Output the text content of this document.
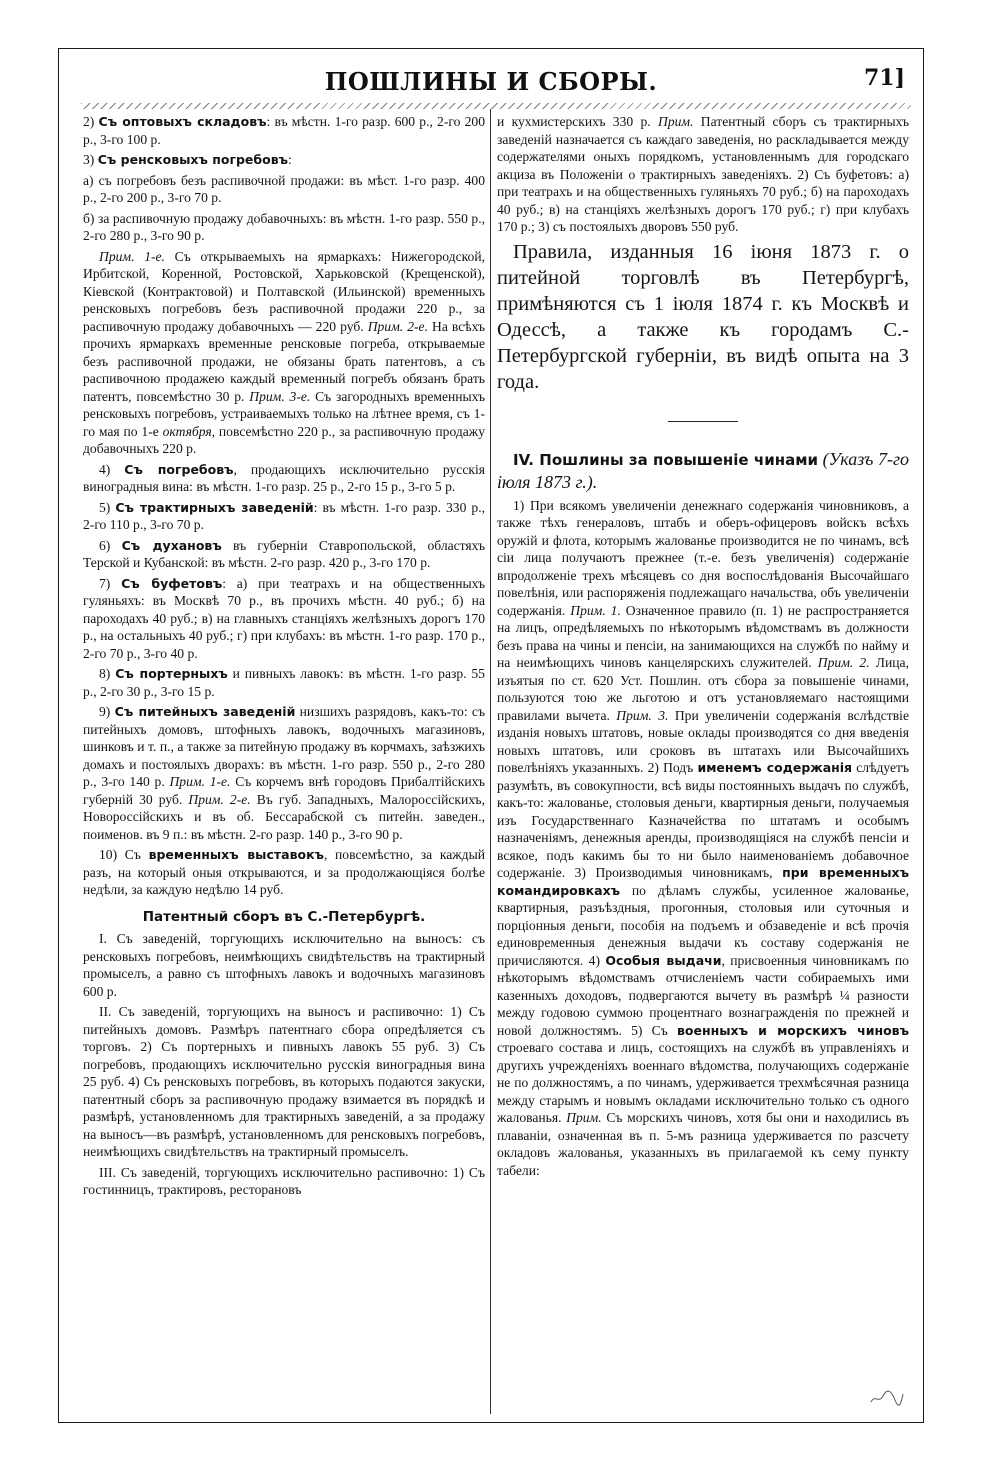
ПОШЛИНЫ И СБОРЫ.	71]

2) Съ оптовыхъ складовъ: въ мѣстн. 1-го разр. 600 р., 2-го 200 р., 3-го 100 р.

3) Съ ренсковыхъ погребовъ:

а) съ погребовъ безъ распивочной продажи: въ мѣст. 1-го разр. 400 р., 2-го 200 р., 3-го 70 р.

б) за распивочную продажу добавочныхъ: въ мѣстн. 1-го разр. 550 р., 2-го 280 р., 3-го 90 р.

Прим. 1-е. Съ открываемыхъ на ярмаркахъ: Нижегородской, Ирбитской, Коренной, Ростовской, Харьковской (Крещенской), Кіевской (Контрактовой) и Полтавской (Ильинской) временныхъ ренсковыхъ погребовъ безъ распивочной продажи 220 р., за распивочную продажу добавочныхъ — 220 руб. Прим. 2-е. На всѣхъ прочихъ ярмаркахъ временные ренсковые погреба, открываемые безъ распивочной продажи, не обязаны брать патентовъ, а съ распивочною продажею каждый временный погребъ обязанъ брать патентъ, повсемѣстно 30 р. Прим. 3-е. Съ загородныхъ временныхъ ренсковыхъ погребовъ, устраиваемыхъ только на лѣтнее время, съ 1-го мая по 1-е октября, повсемѣстно 220 р., за распивочную продажу добавочныхъ 220 р.

4) Съ погребовъ, продающихъ исключительно русскія виноградныя вина: въ мѣстн. 1-го разр. 25 р., 2-го 15 р., 3-го 5 р.

5) Съ трактирныхъ заведеній: въ мѣстн. 1-го разр. 330 р., 2-го 110 р., 3-го 70 р.

6) Съ духановъ въ губерніи Ставропольской, областяхъ Терской и Кубанской: въ мѣстн. 2-го разр. 420 р., 3-го 170 р.

7) Съ буфетовъ: а) при театрахъ и на общественныхъ гуляньяхъ: въ Москвѣ 70 р., въ прочихъ мѣстн. 40 руб.; б) на пароходахъ 40 руб.; в) на главныхъ станціяхъ желѣзныхъ дорогъ 170 р., на остальныхъ 40 руб.; г) при клубахъ: въ мѣстн. 1-го разр. 170 р., 2-го 70 р., 3-го 40 р.

8) Съ портерныхъ и пивныхъ лавокъ: въ мѣстн. 1-го разр. 55 р., 2-го 30 р., 3-го 15 р.

9) Съ питейныхъ заведеній низшихъ разрядовъ, какъ-то: съ питейныхъ домовъ, штофныхъ лавокъ, водочныхъ магазиновъ, шинковъ и т. п., а также за питейную продажу въ корчмахъ, заѣзжихъ домахъ и постоялыхъ дворахъ: въ мѣстн. 1-го разр. 550 р., 2-го 280 р., 3-го 140 р. Прим. 1-е. Съ корчемъ внѣ городовъ Прибалтійскихъ губерній 30 руб. Прим. 2-е. Въ губ. Западныхъ, Малороссійскихъ, Новороссійскихъ и въ об. Бессарабской съ питейн. заведен., поименов. въ 9 п.: въ мѣстн. 2-го разр. 140 р., 3-го 90 р.

10) Съ временныхъ выставокъ, повсемѣстно, за каждый разъ, на который оныя открываются, и за продолжающіяся болѣе недѣли, за каждую недѣлю 14 руб.

Патентный сборъ въ С.-Петербургѣ.

I. Съ заведеній, торгующихъ исключительно на выносъ: съ ренсковыхъ погребовъ, неимѣющихъ свидѣтельствъ на трактирный промыселъ, а равно съ штофныхъ лавокъ и водочныхъ магазиновъ 600 р.

II. Съ заведеній, торгующихъ на выносъ и распивочно: 1) Съ питейныхъ домовъ. Размѣръ патентнаго сбора опредѣляется съ торговъ. 2) Съ портерныхъ и пивныхъ лавокъ 55 руб. 3) Съ погребовъ, продающихъ исключительно русскія виноградныя вина 25 руб. 4) Съ ренсковыхъ погребовъ, въ которыхъ подаются закуски, патентный сборъ за распивочную продажу взимается въ порядкѣ и размѣрѣ, установленномъ для трактирныхъ заведеній, а за продажу на выносъ—въ размѣрѣ, установленномъ для ренсковыхъ погребовъ, неимѣющихъ свидѣтельствъ на трактирный промыселъ.

III. Съ заведеній, торгующихъ исключительно распивочно: 1) Съ гостинницъ, трактировъ, ресторановъ

и кухмистерскихъ 330 р. Прим. Патентный сборъ съ трактирныхъ заведеній назначается съ каждаго заведенія, но раскладывается между содержателями оныхъ порядкомъ, установленнымъ для городскаго акциза въ Положеніи о трактирныхъ заведеніяхъ. 2) Съ буфетовъ: а) при театрахъ и на общественныхъ гуляньяхъ 70 руб.; б) на пароходахъ 40 руб.; в) на станціяхъ желѣзныхъ дорогъ 170 руб.; г) при клубахъ 170 р.; 3) съ постоялыхъ дворовъ 550 руб.

Правила, изданныя 16 іюня 1873 г. о питейной торговлѣ въ Петербургѣ, примѣняются съ 1 іюля 1874 г. къ Москвѣ и Одессѣ, а также къ городамъ С.-Петербургской губерніи, въ видѣ опыта на 3 года.

IV. Пошлины за повышеніе чинами (Указъ 7-го іюля 1873 г.).

1) При всякомъ увеличеніи денежнаго содержанія чиновниковъ, а также тѣхъ генераловъ, штабъ и оберъ-офицеровъ войскъ всѣхъ оружій и флота, которымъ жалованье производится не по чинамъ, всѣ сіи лица получаютъ прежнее (т.-е. безъ увеличенія) содержаніе впродолженіе трехъ мѣсяцевъ со дня воспослѣдованія Высочайшаго повелѣнія, или распоряженія подлежащаго начальства, объ увеличеніи содержанія. Прим. 1. Означенное правило (п. 1) не распространяется на лицъ, опредѣляемыхъ по нѣкоторымъ вѣдомствамъ въ должности безъ права на чины и пенсіи, на занимающихся на службѣ по найму и на неимѣющихъ чиновъ канцелярскихъ служителей. Прим. 2. Лица, изъятыя по ст. 620 Уст. Пошлин. отъ сбора за повышеніе чинами, пользуются тою же льготою и отъ установляемаго настоящими правилами вычета. Прим. 3. При увеличеніи содержанія вслѣдствіе изданія новыхъ штатовъ, новые оклады производятся со дня введенія новыхъ штатовъ, или сроковъ въ штатахъ или Высочайшихъ повелѣніяхъ указанныхъ. 2) Подъ именемъ содержанія слѣдуетъ разумѣть, въ совокупности, всѣ виды постоянныхъ выдачъ по службѣ, какъ-то: жалованье, столовыя деньги, квартирныя деньги, получаемыя изъ Государственнаго Казначейства по штатамъ и особымъ назначеніямъ, денежныя аренды, производящіяся на службѣ пенсіи и всякое, подъ какимъ бы то ни было наименованіемъ добавочное содержаніе. 3) Производимыя чиновникамъ, при временныхъ командировкахъ по дѣламъ службы, усиленное жалованье, квартирныя, разъѣздныя, прогонныя, столовыя или суточныя и порціонныя деньги, пособія на подъемъ и обзаведеніе и всѣ прочія единовременныя денежныя выдачи къ составу содержанія не причисляются. 4) Особыя выдачи, присвоенныя чиновникамъ по нѣкоторымъ вѣдомствамъ отчисленіемъ части собираемыхъ ими казенныхъ доходовъ, подвергаются вычету въ размѣрѣ ¼ разности между годовою суммою процентнаго вознагражденія по прежней и новой должностямъ. 5) Съ военныхъ и морскихъ чиновъ строеваго состава и лицъ, состоящихъ на службѣ въ управленіяхъ и другихъ учрежденіяхъ военнаго вѣдомства, получающихъ содержаніе не по должностямъ, а по чинамъ, удерживается трехмѣсячная разница между старымъ и новымъ окладами исключительно только съ одного жалованья. Прим. Съ морскихъ чиновъ, хотя бы они и находились въ плаваніи, означенная въ п. 5-мъ разница удерживается по разсчету окладовъ жалованья, указанныхъ въ прилагаемой къ сему пункту табели:
